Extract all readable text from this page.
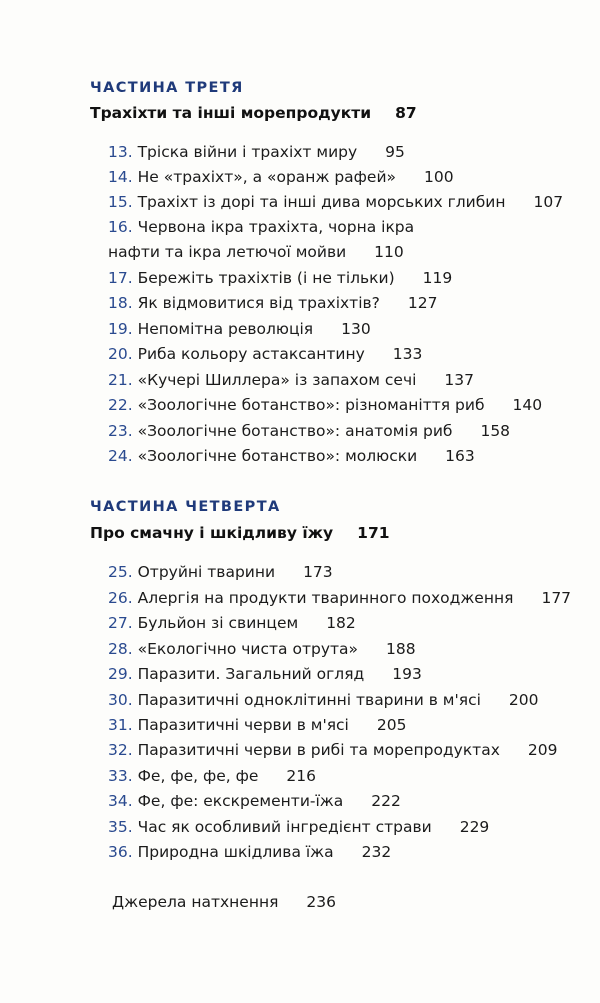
ЧАСТИНА ТРЕТЯ
Трахіхти та інші морепродукти 87
13. Тріска війни і трахіхт миру 95
14. Не «трахіхт», а «оранж рафей» 100
15. Трахіхт із дорі та інші дива морських глибин 107
16. Червона ікра трахіхта, чорна ікра
нафти та ікра летючої мойви 110
17. Бережіть трахіхтів (і не тільки) 119
18. Як відмовитися від трахіхтів? 127
19. Непомітна революція 130
20. Риба кольору астаксантину 133
21. «Кучері Шиллера» із запахом сечі 137
22. «Зоологічне ботанство»: різноманіття риб 140
23. «Зоологічне ботанство»: анатомія риб 158
24. «Зоологічне ботанство»: молюски 163
ЧАСТИНА ЧЕТВЕРТА
Про смачну і шкідливу їжу 171
25. Отруйні тварини 173
26. Алергія на продукти тваринного походження 177
27. Бульйон зі свинцем 182
28. «Екологічно чиста отрута» 188
29. Паразити. Загальний огляд 193
30. Паразитичні одноклітинні тварини в м'ясі 200
31. Паразитичні черви в м'ясі 205
32. Паразитичні черви в рибі та морепродуктах 209
33. Фе, фе, фе, фе 216
34. Фе, фе: екскременти-їжа 222
35. Час як особливий інгредієнт страви 229
36. Природна шкідлива їжа 232
Джерела натхнення 236
